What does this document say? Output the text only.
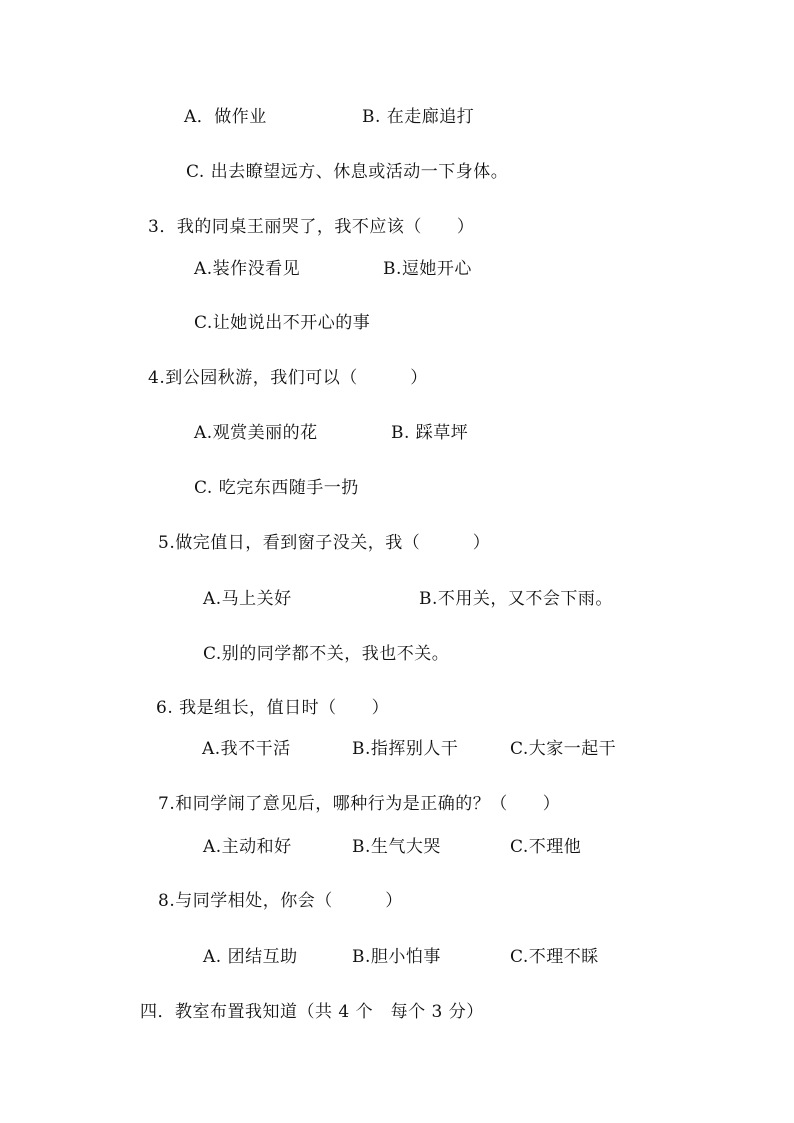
A．做作业	B. 在走廊追打
C. 出去瞭望远方、休息或活动一下身体。
3．我的同桌王丽哭了，我不应该（　　）
A.装作没看见	B.逗她开心
C.让她说出不开心的事
4.到公园秋游，我们可以（　　　）
A.观赏美丽的花	B. 踩草坪
C. 吃完东西随手一扔
5.做完值日，看到窗子没关，我（　　　）
A.马上关好	B.不用关，又不会下雨。
C.别的同学都不关，我也不关。
6. 我是组长，值日时（　　）
A.我不干活	B.指挥别人干	C.大家一起干
7.和同学闹了意见后，哪种行为是正确的？（　　）
A.主动和好	B.生气大哭	C.不理他
8.与同学相处，你会（　　　）
A. 团结互助	B.胆小怕事	C.不理不睬
四．教室布置我知道（共 4 个　每个 3 分）
